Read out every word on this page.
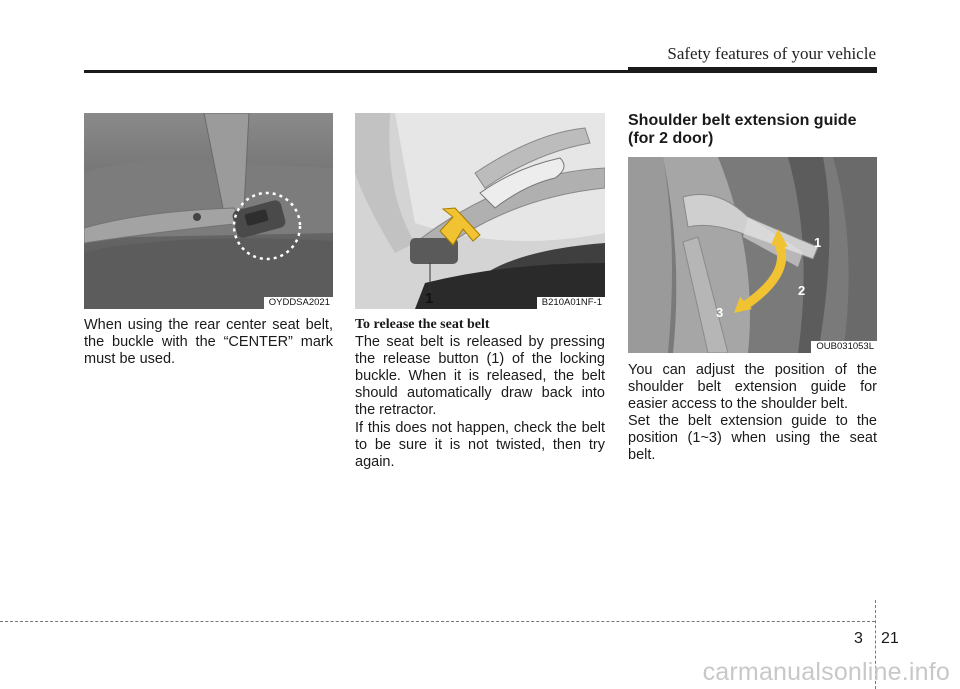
Safety features of your vehicle
OYDDSA2021	1	B210A01NF-1

When using the rear center seat belt, the buckle with the “CENTER” mark must be used.

To release the seat belt

The seat belt is released by pressing the release button (1) of the locking buckle. When it is released, the belt should automatically draw back into the retractor.

If this does not happen, check the belt to be sure it is not twisted, then try again.

Shoulder belt extension guide
(for 2 door)
1
2
3
OUB031053L

You can adjust the position of the shoulder belt extension guide for easier access to the shoulder belt.

Set the belt extension guide to the position (1~3) when using the seat belt.

3 21
carmanualsonline.info
